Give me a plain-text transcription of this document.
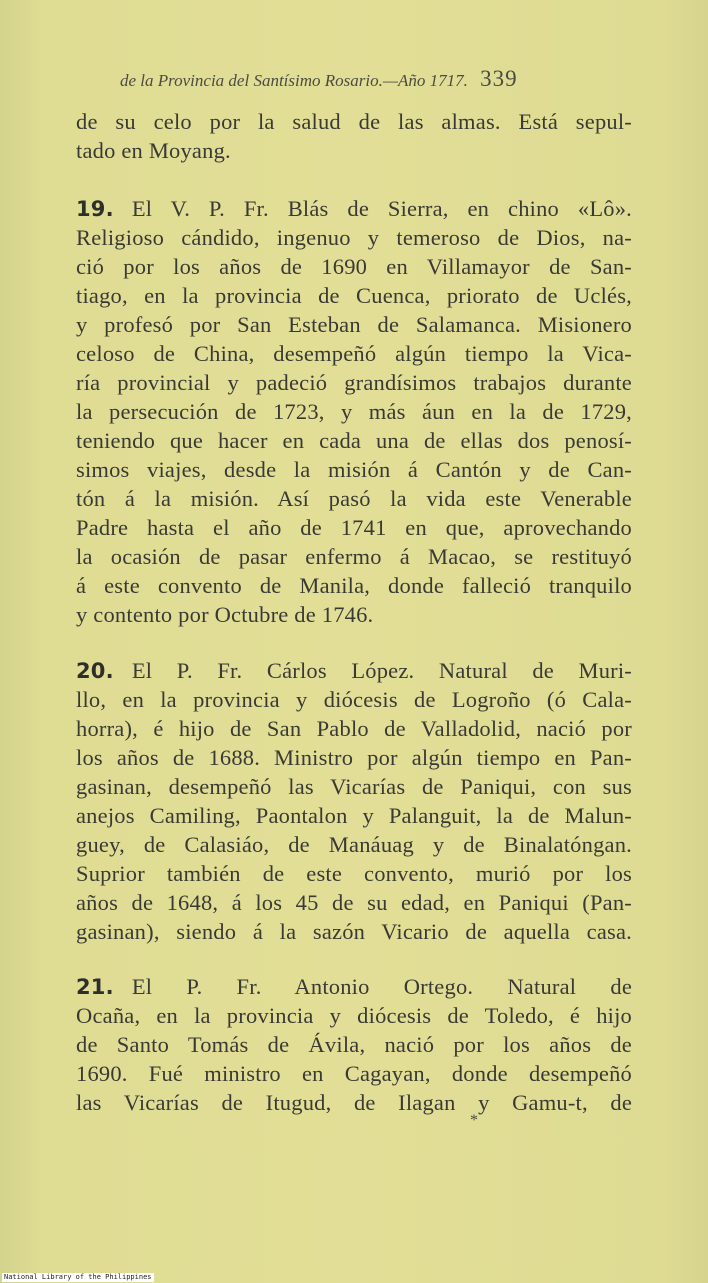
de la Provincia del Santísimo Rosario.—Año 1717. 339
de su celo por la salud de las almas. Está sepul-
tado en Moyang.
19. El V. P. Fr. Blás de Sierra, en chino «Lô».
Religioso cándido, ingenuo y temeroso de Dios, na-
ció por los años de 1690 en Villamayor de San-
tiago, en la provincia de Cuenca, priorato de Uclés,
y profesó por San Esteban de Salamanca. Misionero
celoso de China, desempeñó algún tiempo la Vica-
ría provincial y padeció grandísimos trabajos durante
la persecución de 1723, y más áun en la de 1729,
teniendo que hacer en cada una de ellas dos penosí-
simos viajes, desde la misión á Cantón y de Can-
tón á la misión. Así pasó la vida este Venerable
Padre hasta el año de 1741 en que, aprovechando
la ocasión de pasar enfermo á Macao, se restituyó
á este convento de Manila, donde falleció tranquilo
y contento por Octubre de 1746.
20. El P. Fr. Cárlos López. Natural de Muri-
llo, en la provincia y diócesis de Logroño (ó Cala-
horra), é hijo de San Pablo de Valladolid, nació por
los años de 1688. Ministro por algún tiempo en Pan-
gasinan, desempeñó las Vicarías de Paniqui, con sus
anejos Camiling, Paontalon y Palanguit, la de Malun-
guey, de Calasiáo, de Manáuag y de Binalatóngan.
Suprior también de este convento, murió por los
años de 1648, á los 45 de su edad, en Paniqui (Pan-
gasinan), siendo á la sazón Vicario de aquella casa.
21. El P. Fr. Antonio Ortego. Natural de
Ocaña, en la provincia y diócesis de Toledo, é hijo
de Santo Tomás de Ávila, nació por los años de
1690. Fué ministro en Cagayan, donde desempeñó
las Vicarías de Itugud, de Ilagan y Gamu-t, de
*
National Library of the Philippines
